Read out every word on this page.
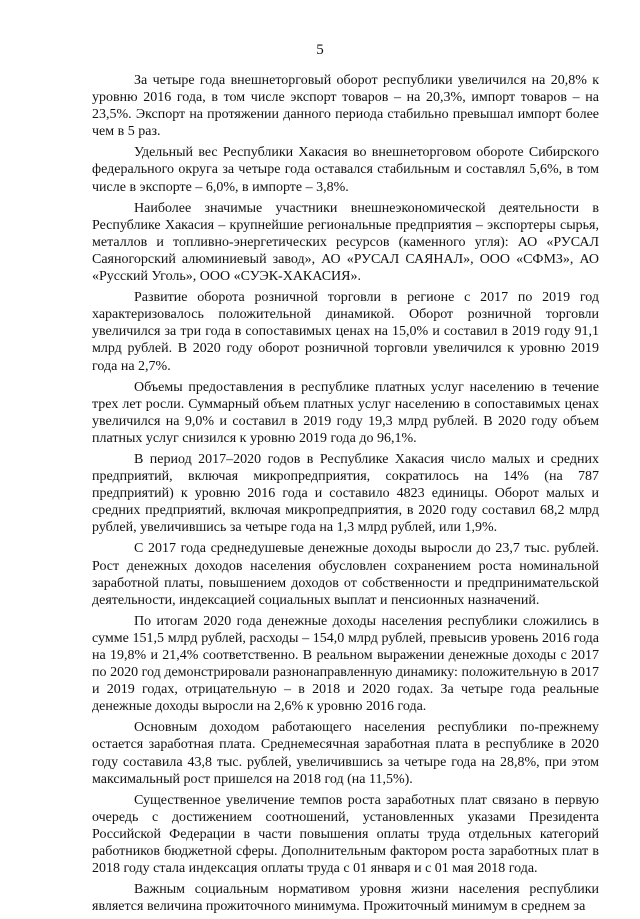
5

За четыре года внешнеторговый оборот республики увеличился на 20,8% к уровню 2016 года, в том числе экспорт товаров – на 20,3%, импорт товаров – на 23,5%. Экспорт на протяжении данного периода стабильно превышал импорт более чем в 5 раз.

Удельный вес Республики Хакасия во внешнеторговом обороте Сибирского федерального округа за четыре года оставался стабильным и составлял 5,6%, в том числе в экспорте – 6,0%, в импорте – 3,8%.

Наиболее значимые участники внешнеэкономической деятельности в Республике Хакасия – крупнейшие региональные предприятия – экспортеры сырья, металлов и топливно-энергетических ресурсов (каменного угля): АО «РУСАЛ Саяногорский алюминиевый завод», АО «РУСАЛ САЯНАЛ», ООО «СФМЗ», АО «Русский Уголь», ООО «СУЭК-ХАКАСИЯ».

Развитие оборота розничной торговли в регионе с 2017 по 2019 год характеризовалось положительной динамикой. Оборот розничной торговли увеличился за три года в сопоставимых ценах на 15,0% и составил в 2019 году 91,1 млрд рублей. В 2020 году оборот розничной торговли увеличился к уровню 2019 года на 2,7%.

Объемы предоставления в республике платных услуг населению в течение трех лет росли. Суммарный объем платных услуг населению в сопоставимых ценах увеличился на 9,0% и составил в 2019 году 19,3 млрд рублей. В 2020 году объем платных услуг снизился к уровню 2019 года до 96,1%.

В период 2017–2020 годов в Республике Хакасия число малых и средних предприятий, включая микропредприятия, сократилось на 14% (на 787 предприятий) к уровню 2016 года и составило 4823 единицы. Оборот малых и средних предприятий, включая микропредприятия, в 2020 году составил 68,2 млрд рублей, увеличившись за четыре года на 1,3 млрд рублей, или 1,9%.

С 2017 года среднедушевые денежные доходы выросли до 23,7 тыс. рублей. Рост денежных доходов населения обусловлен сохранением роста номинальной заработной платы, повышением доходов от собственности и предпринимательской деятельности, индексацией социальных выплат и пенсионных назначений.

По итогам 2020 года денежные доходы населения республики сложились в сумме 151,5 млрд рублей, расходы – 154,0 млрд рублей, превысив уровень 2016 года на 19,8% и 21,4% соответственно. В реальном выражении денежные доходы с 2017 по 2020 год демонстрировали разнонаправленную динамику: положительную в 2017 и 2019 годах, отрицательную – в 2018 и 2020 годах. За четыре года реальные денежные доходы выросли на 2,6% к уровню 2016 года.

Основным доходом работающего населения республики по-прежнему остается заработная плата. Среднемесячная заработная плата в республике в 2020 году составила 43,8 тыс. рублей, увеличившись за четыре года на 28,8%, при этом максимальный рост пришелся на 2018 год (на 11,5%).

Существенное увеличение темпов роста заработных плат связано в первую очередь с достижением соотношений, установленных указами Президента Российской Федерации в части повышения оплаты труда отдельных категорий работников бюджетной сферы. Дополнительным фактором роста заработных плат в 2018 году стала индексация оплаты труда с 01 января и с 01 мая 2018 года.

Важным социальным нормативом уровня жизни населения республики является величина прожиточного минимума. Прожиточный минимум в среднем за
